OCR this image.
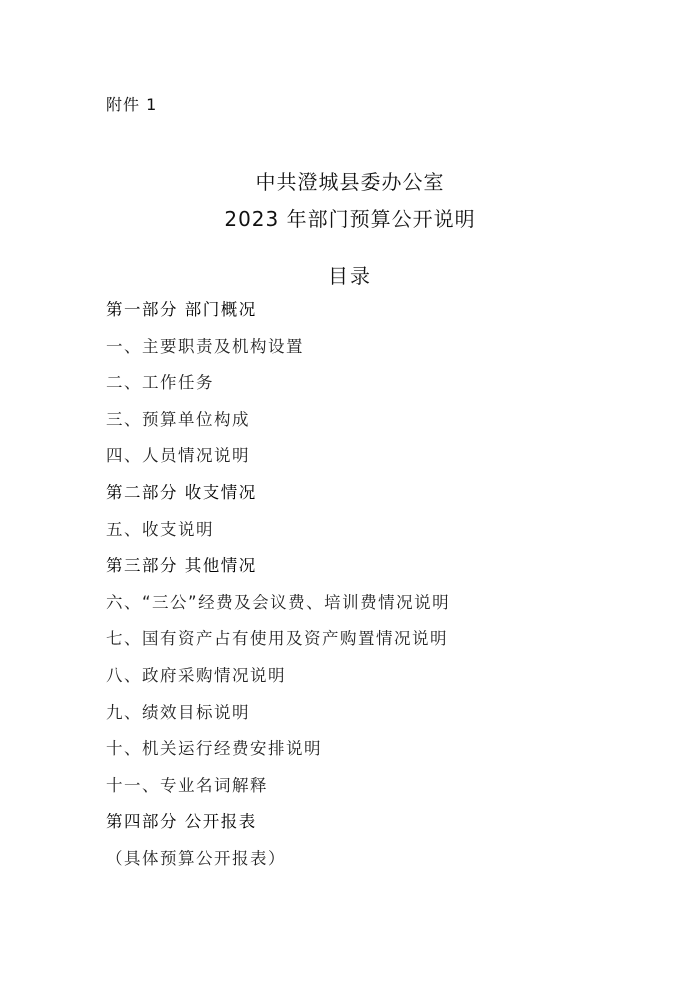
附件 1
中共澄城县委办公室
2023 年部门预算公开说明
目录
第一部分 部门概况
一、主要职责及机构设置
二、工作任务
三、预算单位构成
四、人员情况说明
第二部分 收支情况
五、收支说明
第三部分 其他情况
六、“三公”经费及会议费、培训费情况说明
七、国有资产占有使用及资产购置情况说明
八、政府采购情况说明
九、绩效目标说明
十、机关运行经费安排说明
十一、专业名词解释
第四部分 公开报表
（具体预算公开报表）
